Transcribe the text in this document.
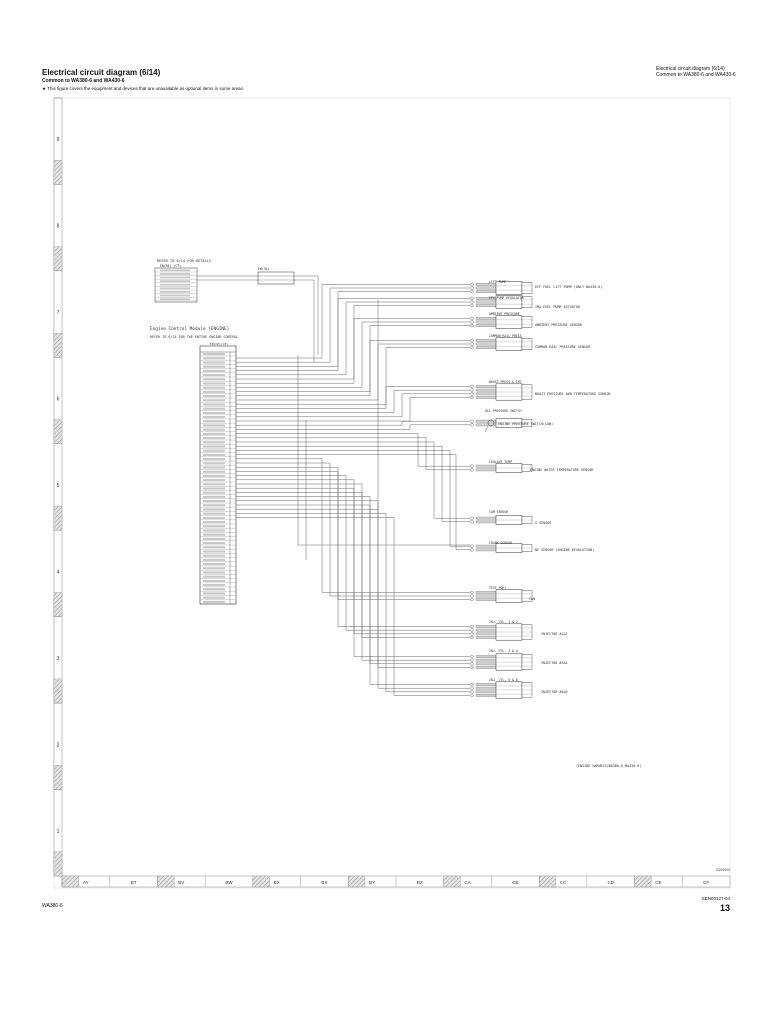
Electrical circuit diagram (6/14)
Common to WA380-6 and WA430-6
★ This figure covers the equipment and devices that are unavailable as optional items in some areas.
Electrical circuit diagram (6/14)
Common to WA380-6 and WA430-6
REFER TO 6/14 FOR DETAILS
EN(9E) (CT)
EN(34)
Engine Control Module (ENGINE)
REFER TO 6/14 FOR THE ENTIRE ENGINE CONTROL.
EN(CE)(CE)
LIFT PUMP
EFF FUEL LIFT PUMP (ONLY WA430-6)
EPS PUMP REGULATOR
IMA FUEL PUMP ACTUATOR
AMBIENT PRESSURE
AMBIENT PRESSURE SENSOR
COMMON RAIL PRESS
COMMON RAIL PRESSURE SENSOR
BOOST PRESS & IMT
BOOST PRESSURE AND TEMPERATURE SENSOR
OIL PRESSURE SWITCH
ENGINE PRESSURE SWITCH(LOW)
COOLANT TEMP
ENGINE WATER TEMPERATURE SENSOR
CAM SENSOR
G SENSOR
CRANK SENSOR
NE SENSOR (ENGINE REVOLUTION)
TEST PORT
CAN
INJ. CYL. 1 & 2
INJECTOR #1&2
INJ. CYL. 3 & 4
INJECTOR #3&4
INJ. CYL. 5 & 6
INJECTOR #5&6
(ENGINE HARNESS(WA380-6,WA430-6)
9
8
7
6
5
4
3
2
1
AY	BT	BV	BW	BX	BX	BY	BZ	CA	CB	CC	CD	CE	CF
SJ00000
WA380-6
SEN00127-04
13
